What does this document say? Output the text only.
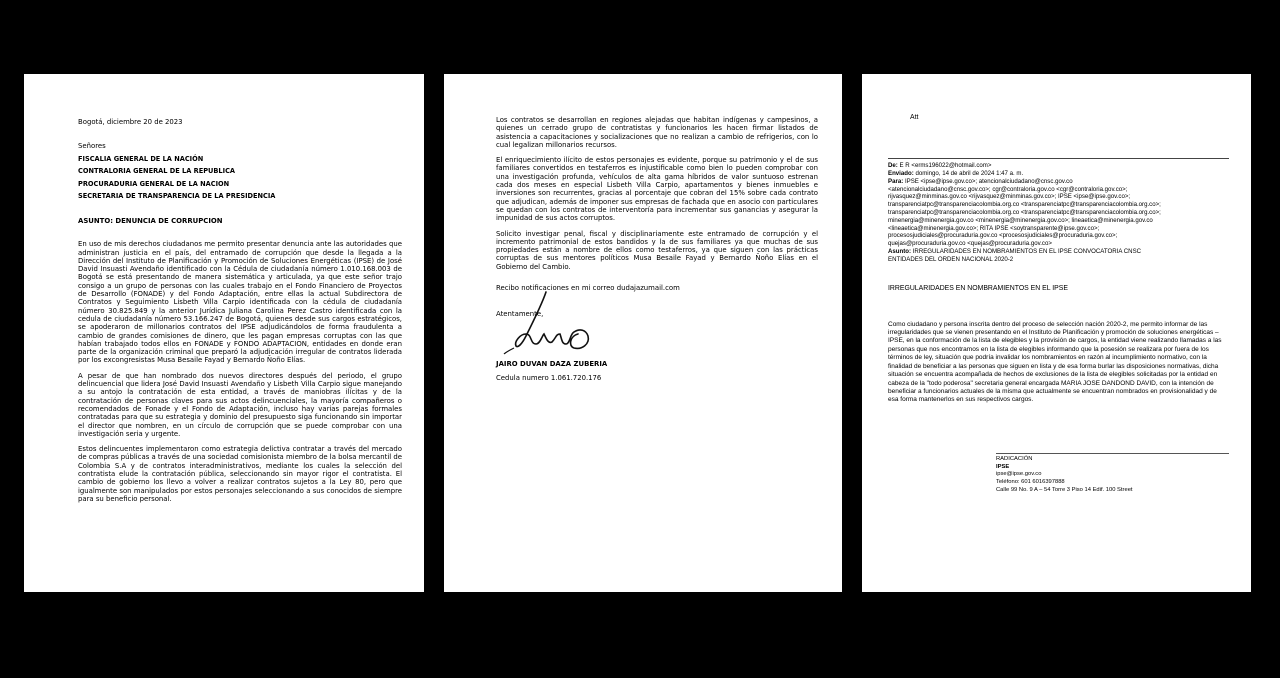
Bogotá, diciembre 20 de 2023

Señores

FISCALIA GENERAL DE LA NACIÓN

CONTRALORIA GENERAL DE LA REPUBLICA

PROCURADURIA GENERAL DE LA NACION

SECRETARIA DE TRANSPARENCIA DE LA PRESIDENCIA

ASUNTO: DENUNCIA DE CORRUPCION

En uso de mis derechos ciudadanos me permito presentar denuncia ante las autoridades que administran justicia en el país, del entramado de corrupción que desde la llegada a la Dirección del Instituto de Planificación y Promoción de Soluciones Energéticas (IPSE) de José David Insuasti Avendaño identificado con la Cédula de ciudadanía número 1.010.168.003 de Bogotá se está presentando de manera sistemática y articulada, ya que este señor trajo consigo a un grupo de personas con las cuales trabajo en el Fondo Financiero de Proyectos de Desarrollo (FONADE) y del Fondo Adaptación, entre ellas la actual Subdirectora de Contratos y Seguimiento Lisbeth Villa Carpio identificada con la cédula de ciudadanía número 30.825.849 y la anterior Jurídica Juliana Carolina Perez Castro identificada con la cedula de ciudadanía número 53.166.247 de Bogotá, quienes desde sus cargos estratégicos, se apoderaron de millonarios contratos del IPSE adjudicándolos de forma fraudulenta a cambio de grandes comisiones de dinero, que les pagan empresas corruptas con las que habían trabajado todos ellos en FONADE y FONDO ADAPTACION, entidades en donde eran parte de la organización criminal que preparó la adjudicación irregular de contratos liderada por los excongresistas Musa Besaile Fayad y Bernardo Ñoño Elías.

A pesar de que han nombrado dos nuevos directores después del periodo, el grupo delincuencial que lidera José David Insuasti Avendaño y Lisbeth Villa Carpio sigue manejando a su antojo la contratación de esta entidad, a través de maniobras ilícitas y de la contratación de personas claves para sus actos delincuenciales, la mayoría compañeros o recomendados de Fonade y el Fondo de Adaptación, incluso hay varias parejas formales contratadas para que su estrategia y dominio del presupuesto siga funcionando sin importar el director que nombren, en un círculo de corrupción que se puede comprobar con una investigación seria y urgente.

Estos delincuentes implementaron como estrategia delictiva contratar a través del mercado de compras públicas a través de una sociedad comisionista miembro de la bolsa mercantil de Colombia S.A y de contratos interadministrativos, mediante los cuales la selección del contratista elude la contratación pública, seleccionando sin mayor rigor el contratista. El cambio de gobierno los llevo a volver a realizar contratos sujetos a la Ley 80, pero que igualmente son manipulados por estos personajes seleccionando a sus conocidos de siempre para su beneficio personal.

Los contratos se desarrollan en regiones alejadas que habitan indígenas y campesinos, a quienes un cerrado grupo de contratistas y funcionarios les hacen firmar listados de asistencia a capacitaciones y socializaciones que no realizan a cambio de refrigerios, con lo cual legalizan millonarios recursos.

El enriquecimiento ilícito de estos personajes es evidente, porque su patrimonio y el de sus familiares convertidos en testaferros es injustificable como bien lo pueden comprobar con una investigación profunda, vehículos de alta gama híbridos de valor suntuoso estrenan cada dos meses en especial Lisbeth Villa Carpio, apartamentos y bienes inmuebles e inversiones son recurrentes, gracias al porcentaje que cobran del 15% sobre cada contrato que adjudican, además de imponer sus empresas de fachada que en asocio con particulares se quedan con los contratos de interventoría para incrementar sus ganancias y asegurar la impunidad de sus actos corruptos.

Solicito investigar penal, fiscal y disciplinariamente este entramado de corrupción y el incremento patrimonial de estos bandidos y la de sus familiares ya que muchas de sus propiedades están a nombre de ellos como testaferros, ya que siguen con las prácticas corruptas de sus mentores políticos Musa Besaile Fayad y Bernardo Ñoño Elías en el Gobierno del Cambio.

Recibo notificaciones en mi correo dudajazumail.com

Atentamente,

JAIRO DUVAN DAZA ZUBERIA

Cedula numero 1.061.720.176

Att

De: E R <erms196022@hotmail.com>

Enviado: domingo, 14 de abril de 2024 1:47 a. m.

Para: IPSE <ipse@ipse.gov.co>; atencionalciudadano@cnsc.gov.co

<atencionalciudadano@cnsc.gov.co>; cgr@contraloria.gov.co <cgr@contraloria.gov.co>;

rijvasquez@minminas.gov.co <rijvasquez@minminas.gov.co>; IPSE <ipse@ipse.gov.co>;

transparenciatpc@transparenciacolombia.org.co <transparenciatpc@transparenciacolombia.org.co>;

transparenciatpc@transparenciacolombia.org.co <transparenciatpc@transparenciacolombia.org.co>;

minenergia@minenergia.gov.co <minenergia@minenergia.gov.co>; lineaetica@minenergia.gov.co

<lineaetica@minenergia.gov.co>; RITA IPSE <soytransparente@ipse.gov.co>;

procesosjudiciales@procuraduria.gov.co <procesosjudiciales@procuraduria.gov.co>;

quejas@procuraduria.gov.co <quejas@procuraduria.gov.co>

Asunto: IRREGULARIDADES EN NOMBRAMIENTOS EN EL IPSE CONVOCATORIA CNSC

ENTIDADES DEL ORDEN NACIONAL 2020-2

IRREGULARIDADES EN NOMBRAMIENTOS EN EL IPSE

Como ciudadano y persona inscrita dentro del proceso de selección nación 2020-2, me permito informar de las irregularidades que se vienen presentando en el Instituto de Planificación y promoción de soluciones energéticas – IPSE, en la conformación de la lista de elegibles y la provisión de cargos, la entidad viene realizando llamadas a las personas que nos encontramos en la lista de elegibles informando que la posesión se realizara por fuera de los términos de ley, situación que podría invalidar los nombramientos en razón al incumplimiento normativo, con la finalidad de beneficiar a las personas que siguen en lista y de esa forma burlar las disposiciones normativas, dicha situación se encuentra acompañada de hechos de exclusiones de la lista de elegibles solicitadas por la entidad en cabeza de la "todo poderosa" secretaria general encargada MARIA JOSE DANDOND DAVID, con la intención de beneficiar a funcionarios actuales de la misma que actualmente se encuentran nombrados en provisionalidad y de esa forma mantenerlos en sus respectivos cargos.

RADICACIÓN

IPSE

ipse@ipse.gov.co

Teléfono: 601 6016397888

Calle 99 No. 9 A – 54 Torre 3 Piso 14 Edif. 100 Street
